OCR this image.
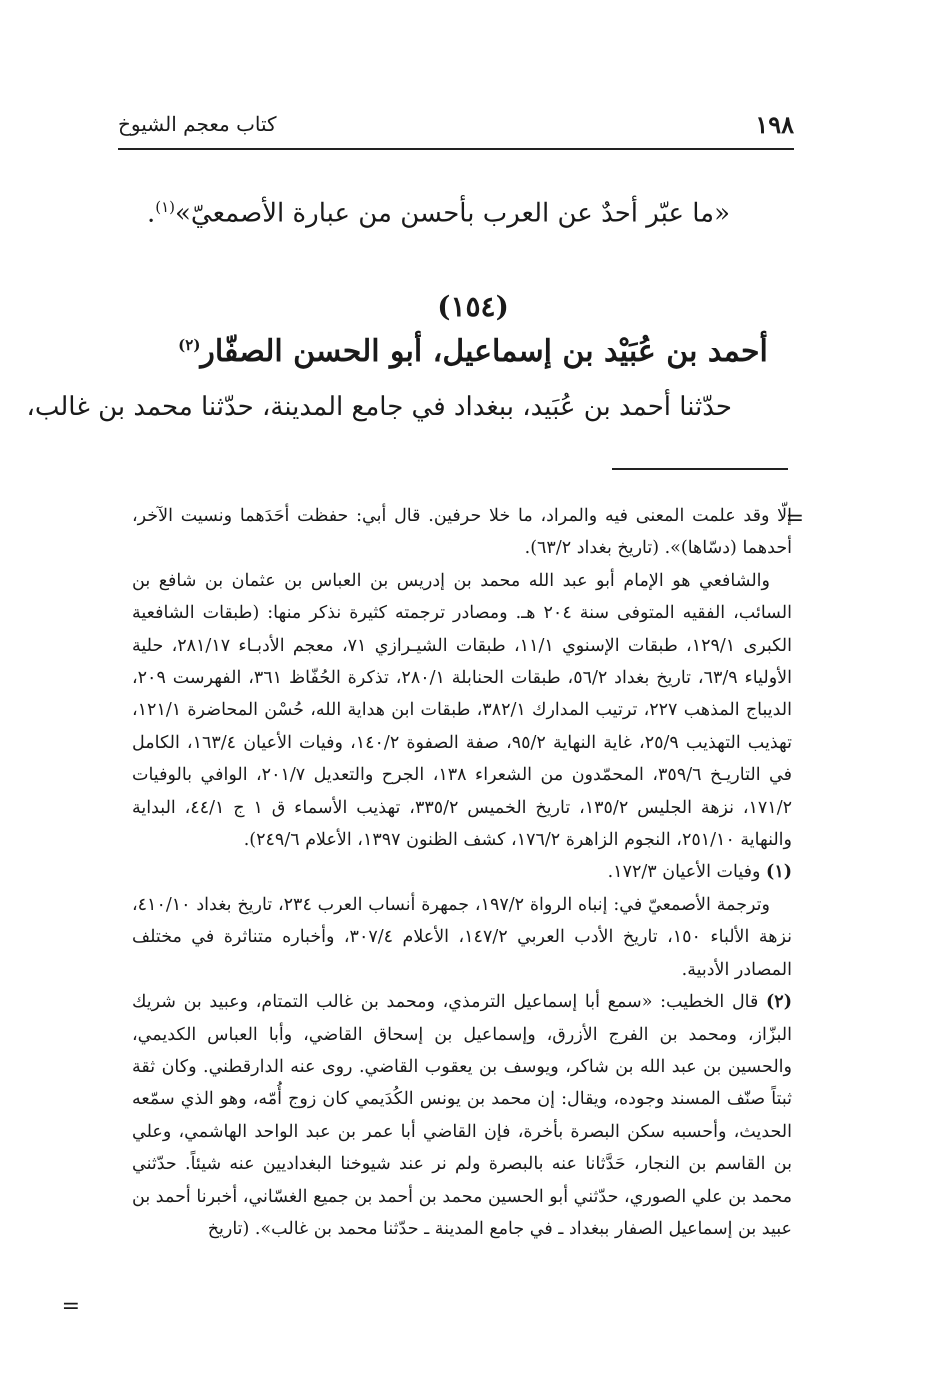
١٩٨
كتاب معجم الشيوخ
«ما عبّر أحدٌ عن العرب بأحسن من عبارة الأصمعيّ»$^{(١)}$.
(١٥٤)
أحمد بن عُبَيْد بن إسماعيل، أبو الحسن الصفّار$^{(٢)}$
حدّثنا أحمد بن عُبَيد، ببغداد في جامع المدينة، حدّثنا محمد بن غالب،
=

إلّا وقد علمت المعنى فيه والمراد، ما خلا حرفين. قال أبي: حفظت أحَدَهما ونسيت الآخر، أحدهما (دسّاها)». (تاريخ بغداد ٦٣/٢).

والشافعي هو الإمام أبو عبد الله محمد بن إدريس بن العباس بن عثمان بن شافع بن السائب، الفقيه المتوفى سنة ٢٠٤ هـ. ومصادر ترجمته كثيرة نذكر منها: (طبقات الشافعية الكبرى ١٢٩/١، طبقات الإسنوي ١١/١، طبقات الشيـرازي ٧١، معجم الأدبـاء ٢٨١/١٧، حلية الأولياء ٦٣/٩، تاريخ بغداد ٥٦/٢، طبقات الحنابلة ٢٨٠/١، تذكرة الحُفّاظ ٣٦١، الفهرست ٢٠٩، الديباج المذهب ٢٢٧، ترتيب المدارك ٣٨٢/١، طبقات ابن هداية الله، حُسْن المحاضرة ١٢١/١، تهذيب التهذيب ٢٥/٩، غاية النهاية ٩٥/٢، صفة الصفوة ١٤٠/٢، وفيات الأعيان ١٦٣/٤، الكامل في التاريـخ ٣٥٩/٦، المحمّدون من الشعراء ١٣٨، الجرح والتعديل ٢٠١/٧، الوافي بالوفيات ١٧١/٢، نزهة الجليس ١٣٥/٢، تاريخ الخميس ٣٣٥/٢، تهذيب الأسماء ق ١ ج ٤٤/١، البداية والنهاية ٢٥١/١٠، النجوم الزاهرة ١٧٦/٢، كشف الظنون ١٣٩٧، الأعلام ٢٤٩/٦).

(١) وفيات الأعيان ١٧٢/٣.

وترجمة الأصمعيّ في: إنباه الرواة ١٩٧/٢، جمهرة أنساب العرب ٢٣٤، تاريخ بغداد ٤١٠/١٠، نزهة الألباء ١٥٠، تاريخ الأدب العربي ١٤٧/٢، الأعلام ٣٠٧/٤، وأخباره متناثرة في مختلف المصادر الأدبية.

(٢) قال الخطيب: «سمع أبا إسماعيل الترمذي، ومحمد بن غالب التمتام، وعبيد بن شريك البزّاز، ومحمد بن الفرج الأزرق، وإسماعيل بن إسحاق القاضي، وأبا العباس الكديمي، والحسين بن عبد الله بن شاكر، ويوسف بن يعقوب القاضي. روى عنه الدارقطني. وكان ثقة ثبتاً صنّف المسند وجوده، ويقال: إن محمد بن يونس الكُدَيمي كان زوج أُمّه، وهو الذي سمّعه الحديث، وأحسبه سكن البصرة بأخرة، فإن القاضي أبا عمر بن عبد الواحد الهاشمي، وعلي بن القاسم بن النجار، حَدَّثانا عنه بالبصرة ولم نر عند شيوخنا البغداديين عنه شيئاً. حدّثني محمد بن علي الصوري، حدّثني أبو الحسين محمد بن أحمد بن جميع الغسّاني، أخبرنا أحمد بن عبيد بن إسماعيل الصفار ببغداد ـ في جامع المدينة ـ حدّثنا محمد بن غالب». (تاريخ

=
